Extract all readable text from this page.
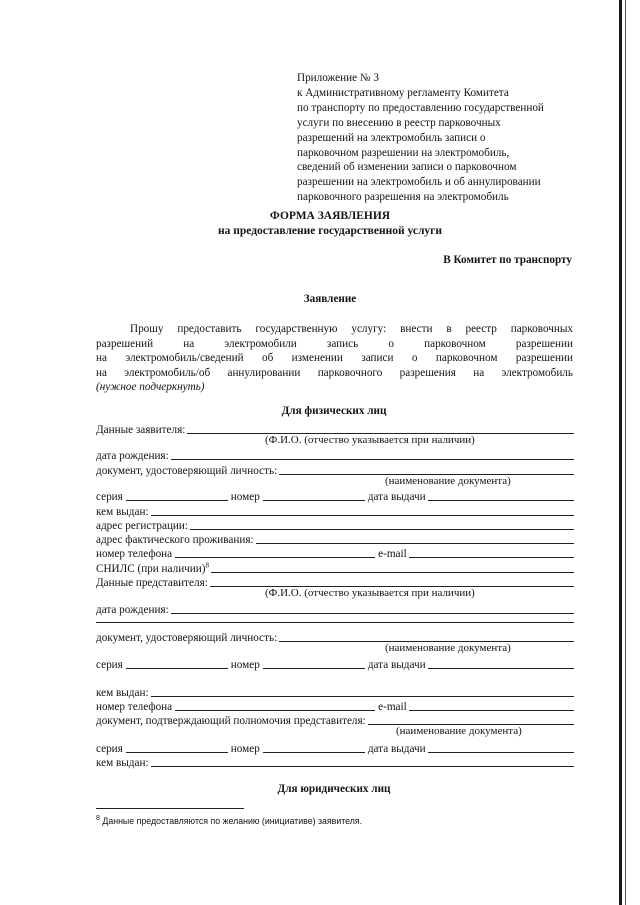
Приложение № 3
к Административному регламенту Комитета
по транспорту по предоставлению государственной
услуги по внесению в реестр парковочных
разрешений на электромобиль записи о
парковочном разрешении на электромобиль,
сведений об изменении записи о парковочном
разрешении на электромобиль и об аннулировании
парковочного разрешения на электромобиль
ФОРМА ЗАЯВЛЕНИЯ
на предоставление государственной услуги
В Комитет по транспорту
Заявление
Прошу предоставить государственную услугу: внести в реестр парковочных
разрешений	на	электромобили	запись	о	парковочном	разрешении
на электромобиль/сведений об изменении записи о парковочном разрешении
на электромобиль/об аннулировании парковочного разрешения на электромобиль
(нужное подчеркнуть)
Для физических лиц
Данные заявителя:
(Ф.И.О. (отчество указывается при наличии)
дата рождения:
документ, удостоверяющий личность:
(наименование документа)
серия	номер	дата выдачи
кем выдан:
адрес регистрации:
адрес фактического проживания:
номер телефона	e-mail
СНИЛС (при наличии)$^8$
Данные представителя:
(Ф.И.О. (отчество указывается при наличии)
дата рождения:
документ, удостоверяющий личность:
(наименование документа)
серия	номер	дата выдачи
кем выдан:
номер телефона	e-mail
документ, подтверждающий полномочия представителя:
(наименование документа)
серия	номер	дата выдачи
кем выдан:
Для юридических лиц
$^8$ Данные предоставляются по желанию (инициативе) заявителя.
